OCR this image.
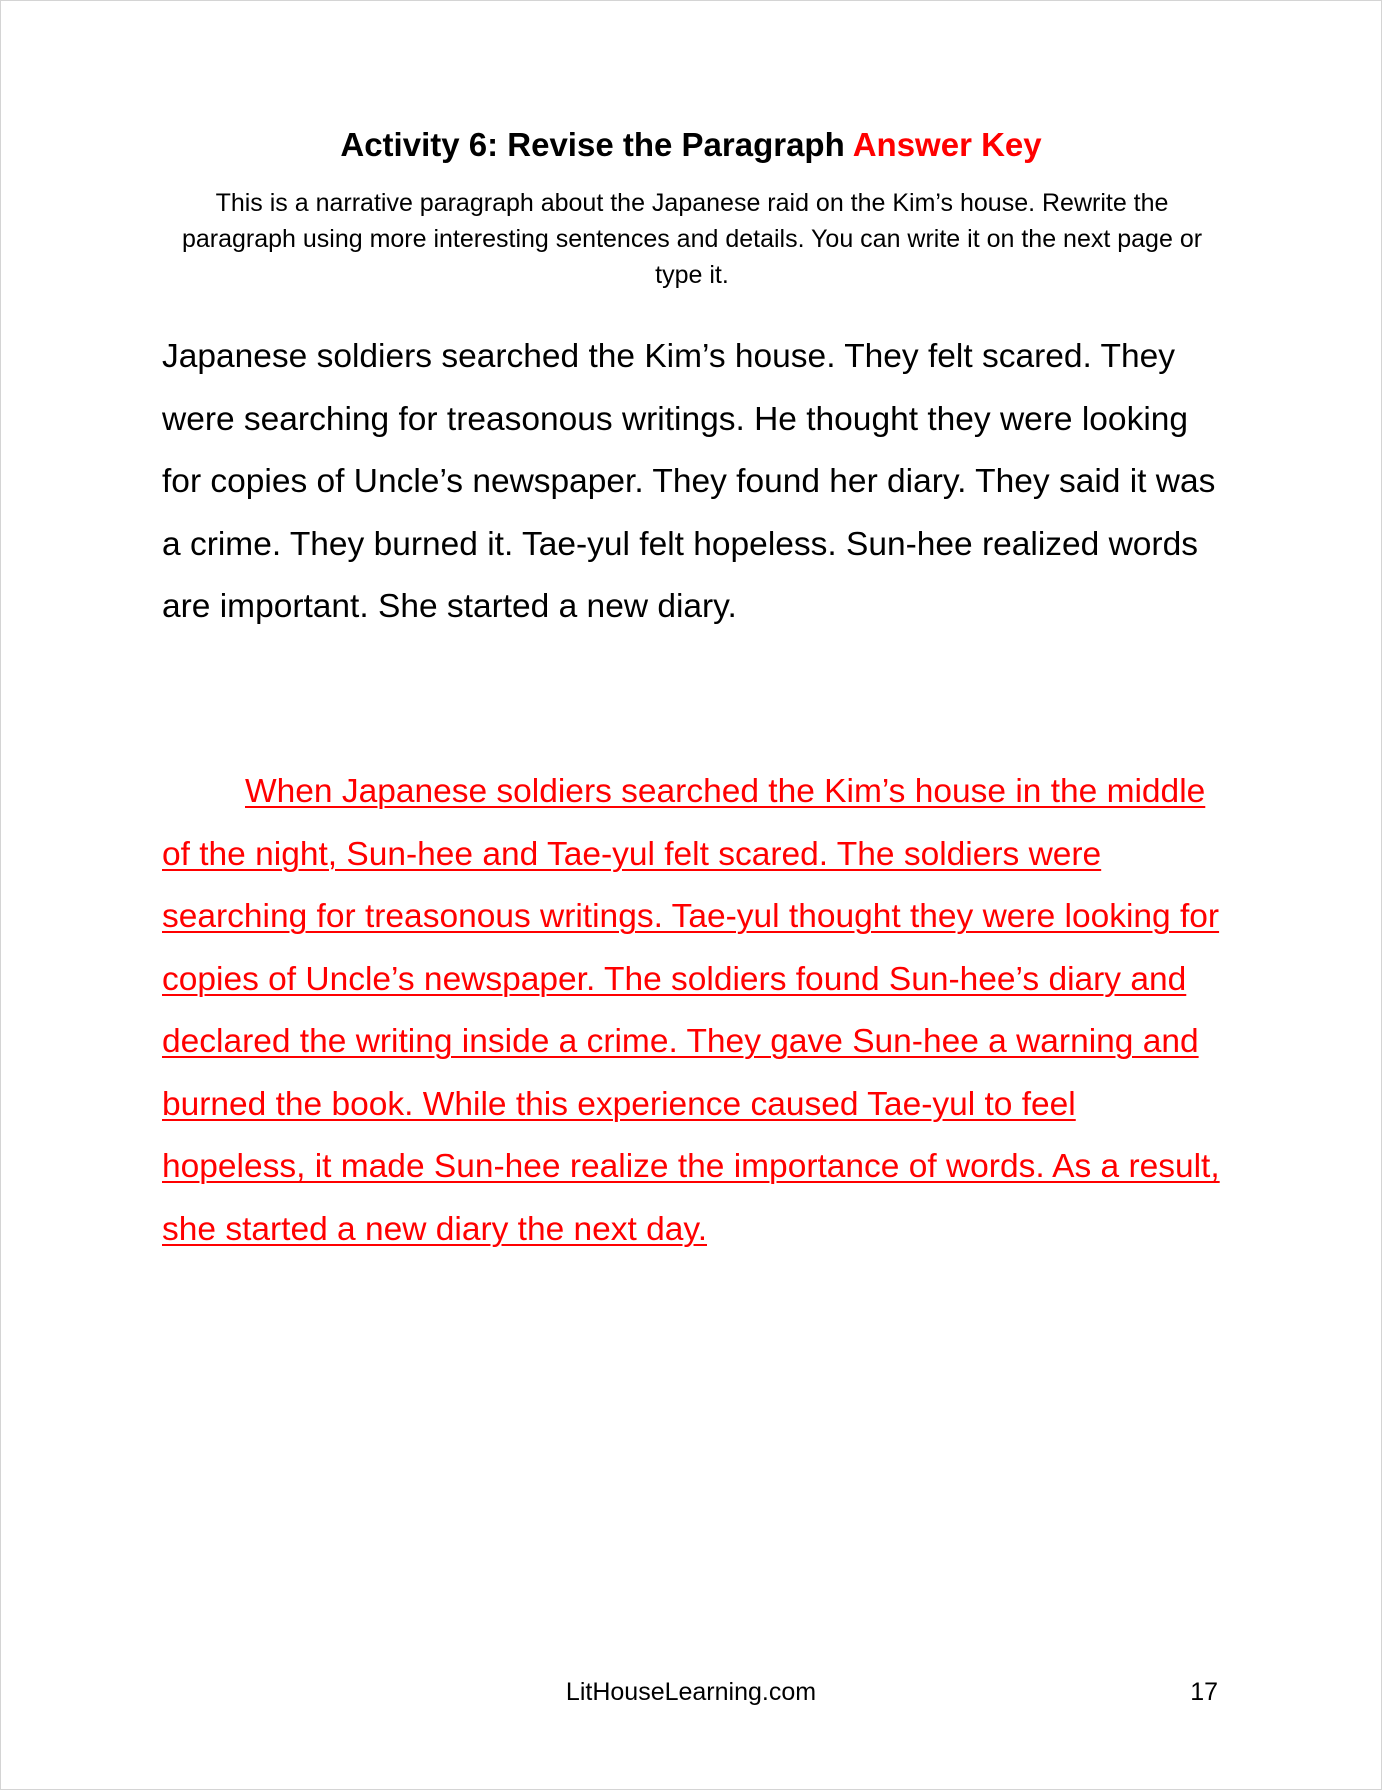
Activity 6: Revise the Paragraph Answer Key
This is a narrative paragraph about the Japanese raid on the Kim’s house. Rewrite the paragraph using more interesting sentences and details. You can write it on the next page or type it.

Japanese soldiers searched the Kim’s house. They felt scared. They were searching for treasonous writings. He thought they were looking for copies of Uncle’s newspaper. They found her diary. They said it was a crime. They burned it. Tae-yul felt hopeless. Sun-hee realized words are important. She started a new diary.

When Japanese soldiers searched the Kim’s house in the middle of the night, Sun-hee and Tae-yul felt scared. The soldiers were searching for treasonous writings. Tae-yul thought they were looking for copies of Uncle’s newspaper. The soldiers found Sun-hee’s diary and declared the writing inside a crime. They gave Sun-hee a warning and burned the book. While this experience caused Tae-yul to feel hopeless, it made Sun-hee realize the importance of words. As a result, she started a new diary the next day.

LitHouseLearning.com	17
